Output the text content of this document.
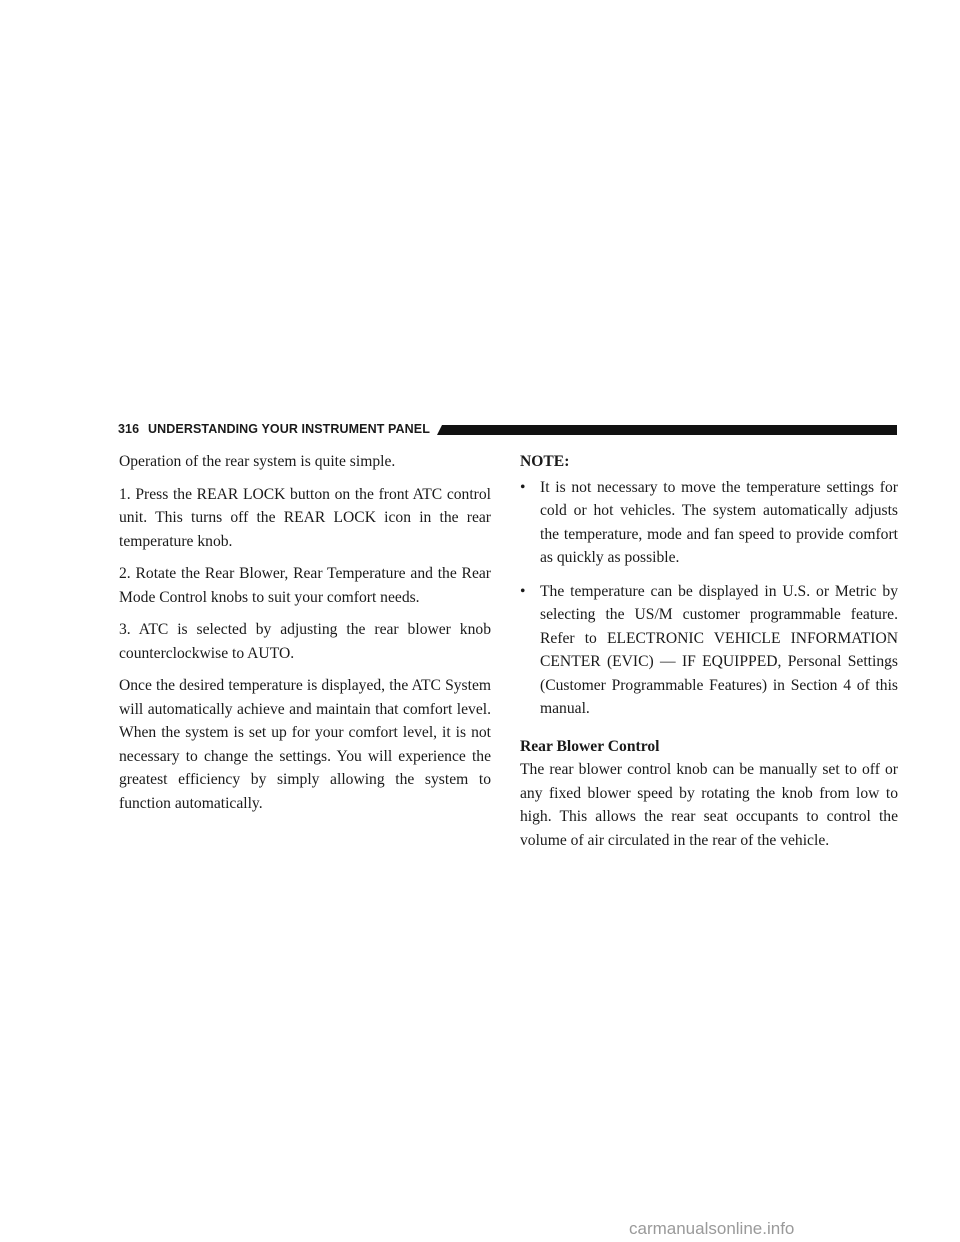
316 UNDERSTANDING YOUR INSTRUMENT PANEL

Operation of the rear system is quite simple.

1. Press the REAR LOCK button on the front ATC control unit. This turns off the REAR LOCK icon in the rear temperature knob.

2. Rotate the Rear Blower, Rear Temperature and the Rear Mode Control knobs to suit your comfort needs.

3. ATC is selected by adjusting the rear blower knob counterclockwise to AUTO.

Once the desired temperature is displayed, the ATC System will automatically achieve and maintain that comfort level. When the system is set up for your comfort level, it is not necessary to change the settings. You will experience the greatest efficiency by simply allowing the system to function automatically.

NOTE:
• It is not necessary to move the temperature settings for cold or hot vehicles. The system automatically adjusts the temperature, mode and fan speed to provide comfort as quickly as possible.
• The temperature can be displayed in U.S. or Metric by selecting the US/M customer programmable feature. Refer to ELECTRONIC VEHICLE INFORMATION CENTER (EVIC) — IF EQUIPPED, Personal Settings (Customer Programmable Features) in Section 4 of this manual.
Rear Blower Control

The rear blower control knob can be manually set to off or any fixed blower speed by rotating the knob from low to high. This allows the rear seat occupants to control the volume of air circulated in the rear of the vehicle.

carmanualsonline.info
